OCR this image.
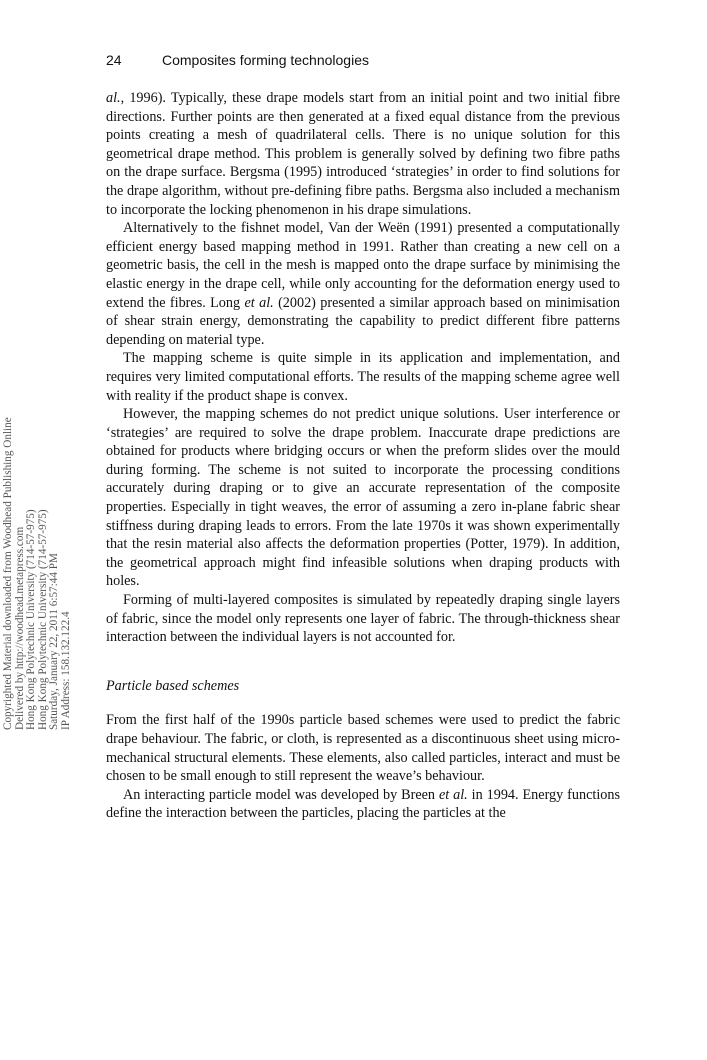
24	Composites forming technologies
Copyrighted Material downloaded from Woodhead Publishing Online Delivered by http://woodhead.metapress.com Hong Kong Polytechnic University (714-57-975) Hong Kong Polytechnic University (714-57-975) Saturday, January 22, 2011 6:57:44 PM IP Address: 158.132.122.4

al., 1996). Typically, these drape models start from an initial point and two initial fibre directions. Further points are then generated at a fixed equal distance from the previous points creating a mesh of quadrilateral cells. There is no unique solution for this geometrical drape method. This problem is generally solved by defining two fibre paths on the drape surface. Bergsma (1995) introduced ‘strategies’ in order to find solutions for the drape algorithm, without pre-defining fibre paths. Bergsma also included a mechanism to incorporate the locking phenomenon in his drape simulations.

Alternatively to the fishnet model, Van der Weën (1991) presented a computationally efficient energy based mapping method in 1991. Rather than creating a new cell on a geometric basis, the cell in the mesh is mapped onto the drape surface by minimising the elastic energy in the drape cell, while only accounting for the deformation energy used to extend the fibres. Long et al. (2002) presented a similar approach based on minimisation of shear strain energy, demonstrating the capability to predict different fibre patterns depending on material type.

The mapping scheme is quite simple in its application and implementation, and requires very limited computational efforts. The results of the mapping scheme agree well with reality if the product shape is convex.

However, the mapping schemes do not predict unique solutions. User interference or ‘strategies’ are required to solve the drape problem. Inaccurate drape predictions are obtained for products where bridging occurs or when the preform slides over the mould during forming. The scheme is not suited to incorporate the processing conditions accurately during draping or to give an accurate representation of the composite properties. Especially in tight weaves, the error of assuming a zero in-plane fabric shear stiffness during draping leads to errors. From the late 1970s it was shown experimentally that the resin material also affects the deformation properties (Potter, 1979). In addition, the geometrical approach might find infeasible solutions when draping products with holes.

Forming of multi-layered composites is simulated by repeatedly draping single layers of fabric, since the model only represents one layer of fabric. The through-thickness shear interaction between the individual layers is not accounted for.

Particle based schemes

From the first half of the 1990s particle based schemes were used to predict the fabric drape behaviour. The fabric, or cloth, is represented as a discontinuous sheet using micro-mechanical structural elements. These elements, also called particles, interact and must be chosen to be small enough to still represent the weave’s behaviour.

An interacting particle model was developed by Breen et al. in 1994. Energy functions define the interaction between the particles, placing the particles at the
